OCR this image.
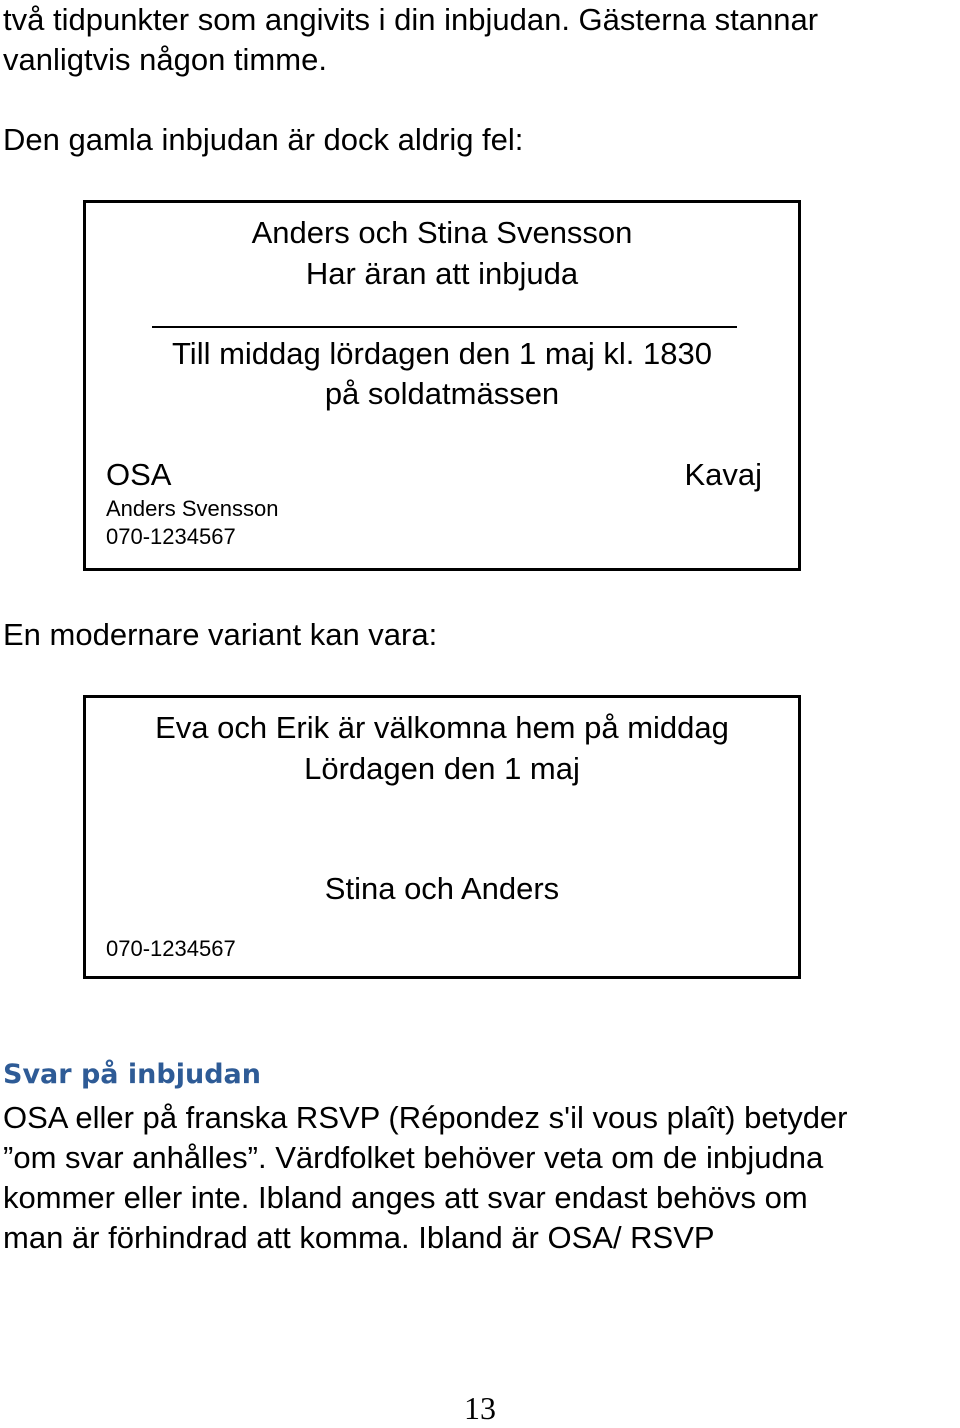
två tidpunkter som angivits i din inbjudan. Gästerna stannar
vanligtvis någon timme.
Den gamla inbjudan är dock aldrig fel:
Anders och Stina Svensson
Har äran att inbjuda
Till middag lördagen den 1 maj kl. 1830
på soldatmässen
OSA
Anders Svensson
070-1234567
Kavaj
En modernare variant kan vara:
Eva och Erik är välkomna hem på middag
Lördagen den 1 maj
Stina och Anders
070-1234567
Svar på inbjudan
OSA eller på franska RSVP (Répondez s'il vous plaît) betyder
”om svar anhålles”. Värdfolket behöver veta om de inbjudna
kommer eller inte. Ibland anges att svar endast behövs om
man är förhindrad att komma. Ibland är OSA/ RSVP
13
